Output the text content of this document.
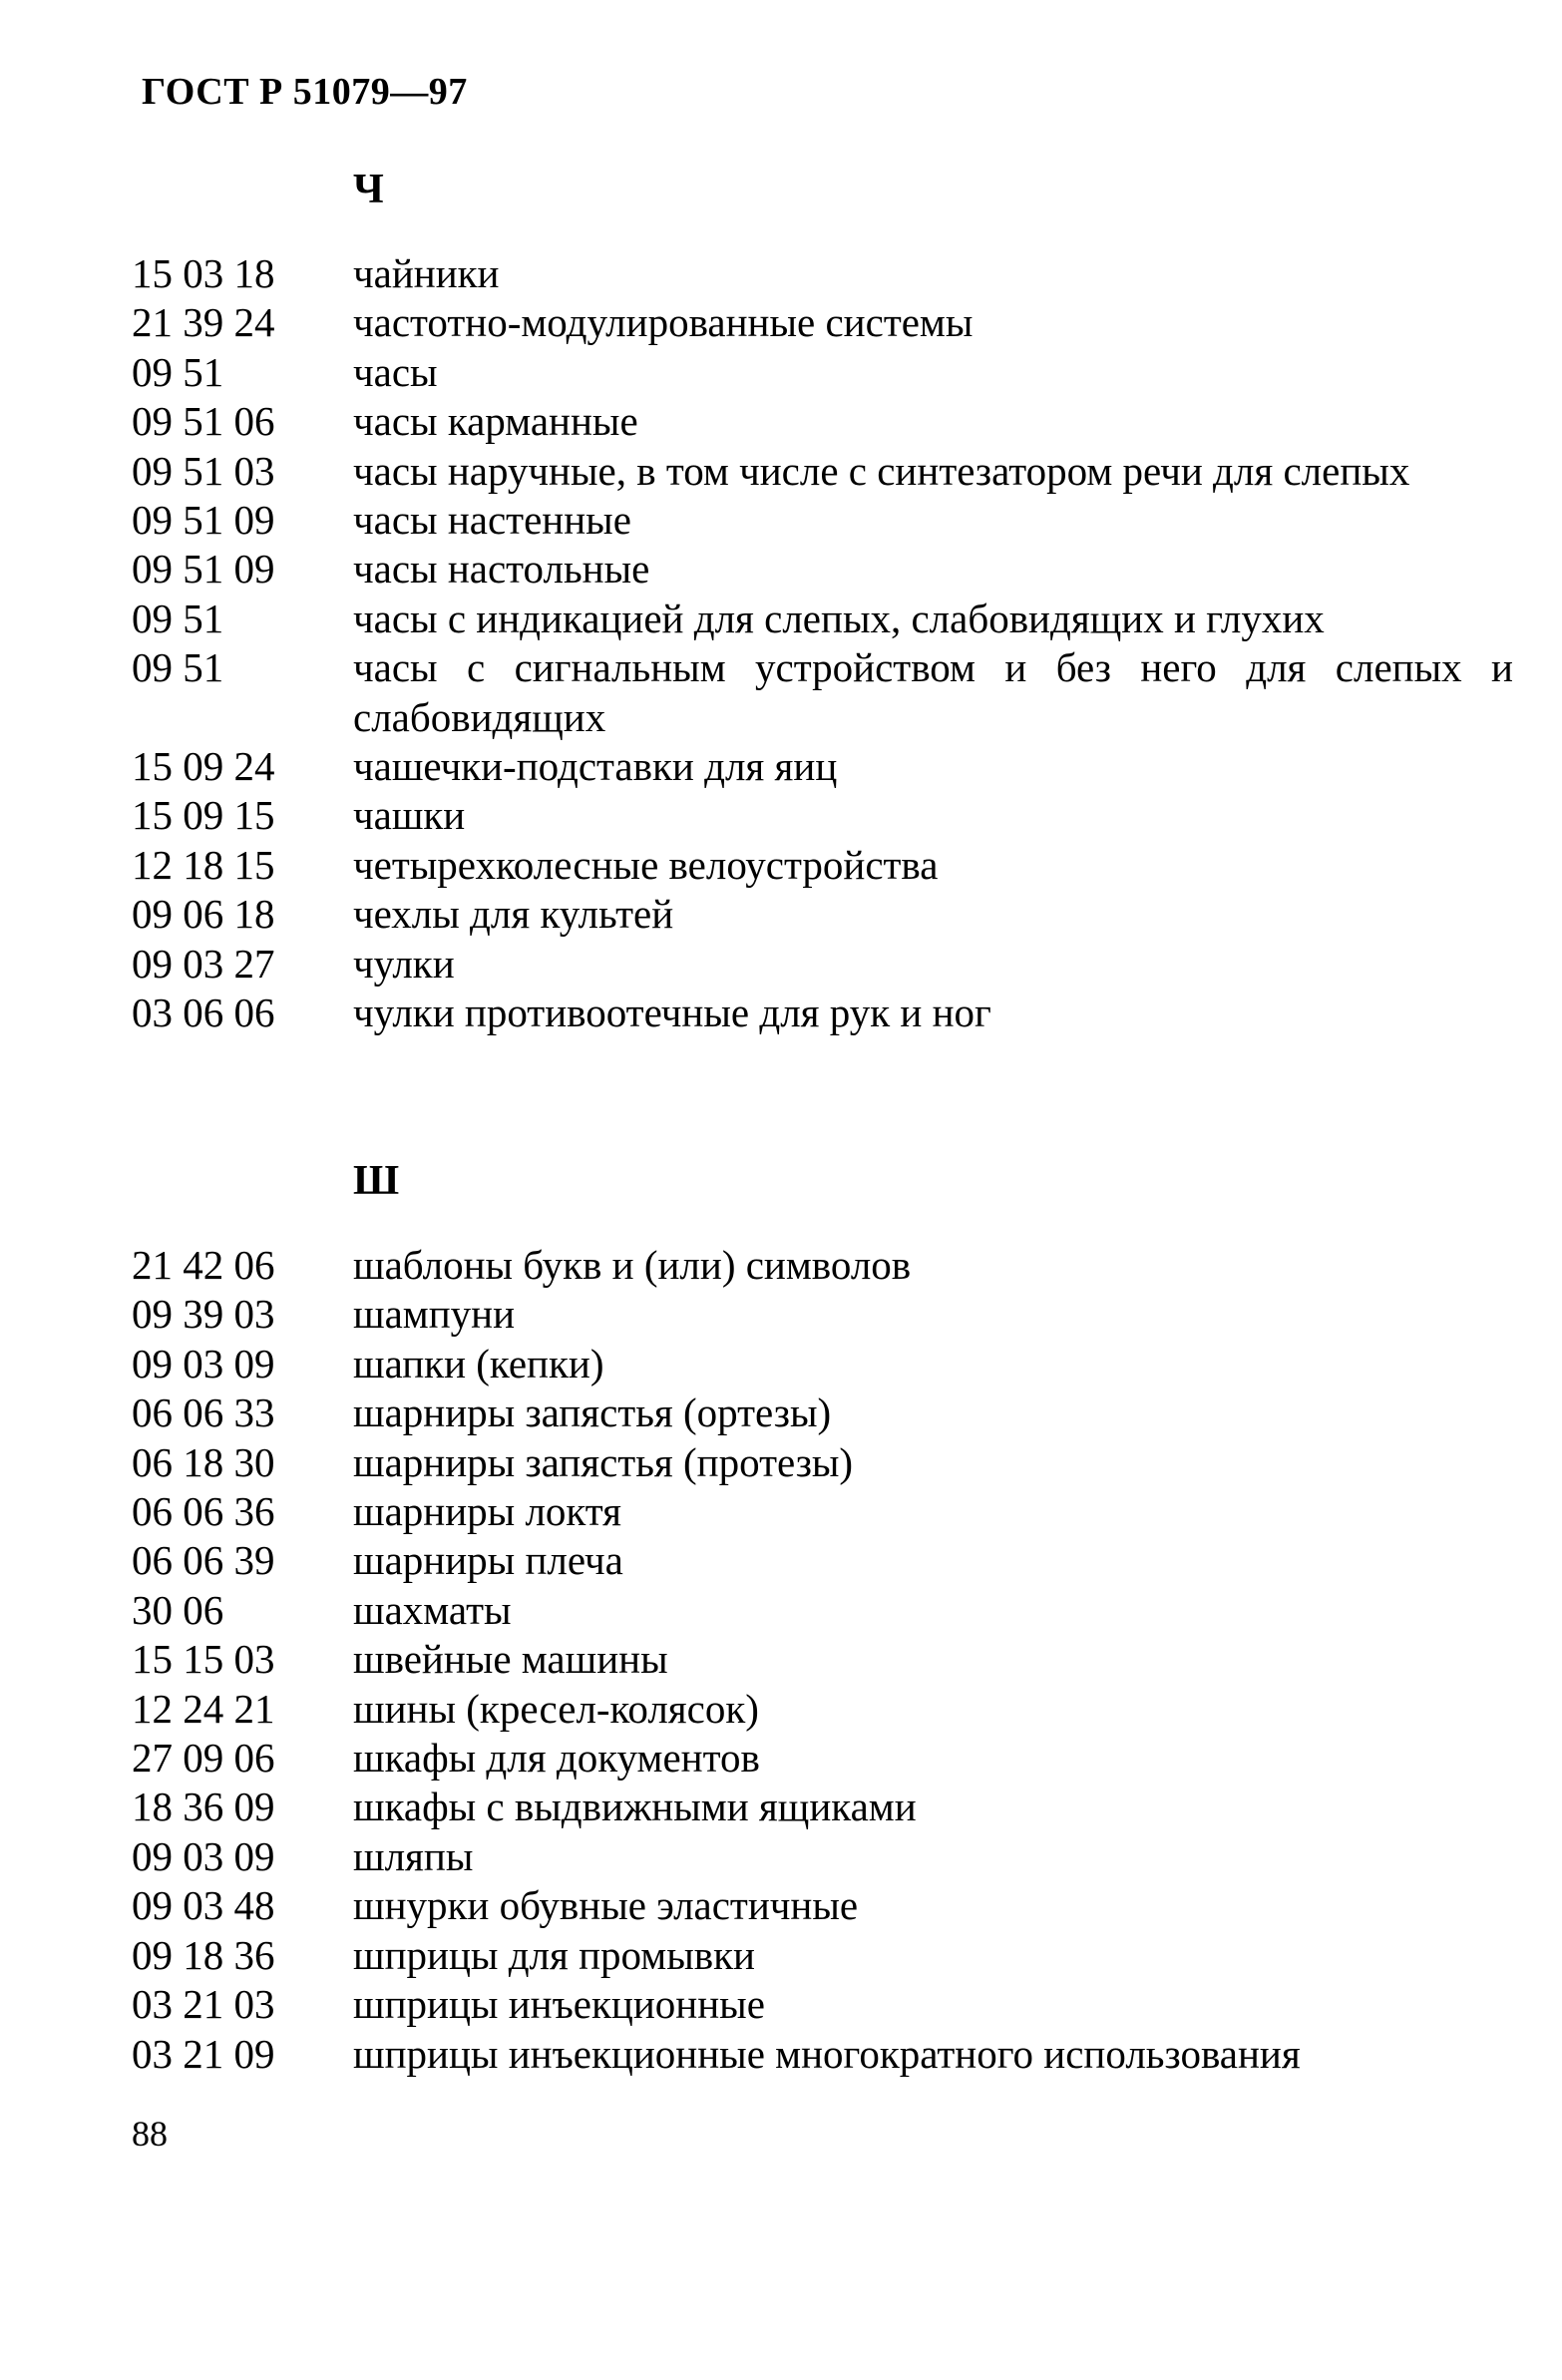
ГОСТ Р 51079—97
Ч
15 03 18	чайники
21 39 24	частотно-модулированные системы
09 51	часы
09 51 06	часы карманные
09 51 03	часы наручные, в том числе с синтезатором речи для слепых
09 51 09	часы настенные
09 51 09	часы настольные
09 51	часы с индикацией для слепых, слабовидящих и глухих
09 51	часы с сигнальным устройством и без него для слепых и слабовидящих
15 09 24	чашечки-подставки для яиц
15 09 15	чашки
12 18 15	четырехколесные велоустройства
09 06 18	чехлы для культей
09 03 27	чулки
03 06 06	чулки противоотечные для рук и ног
Ш
21 42 06	шаблоны букв и (или) символов
09 39 03	шампуни
09 03 09	шапки (кепки)
06 06 33	шарниры запястья (ортезы)
06 18 30	шарниры запястья (протезы)
06 06 36	шарниры локтя
06 06 39	шарниры плеча
30 06	шахматы
15 15 03	швейные машины
12 24 21	шины (кресел-колясок)
27 09 06	шкафы для документов
18 36 09	шкафы с выдвижными ящиками
09 03 09	шляпы
09 03 48	шнурки обувные эластичные
09 18 36	шприцы для промывки
03 21 03	шприцы инъекционные
03 21 09	шприцы инъекционные многократного использования
88
